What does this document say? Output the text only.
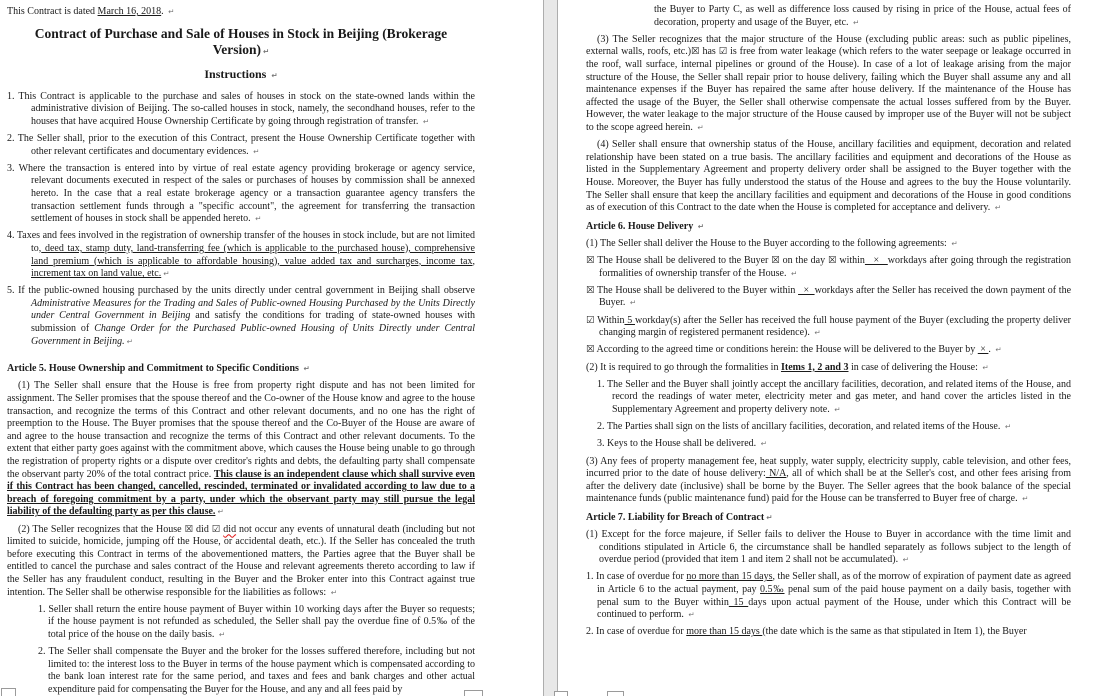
This Contract is dated March 16, 2018. ↵
Contract of Purchase and Sale of Houses in Stock in Beijing (Brokerage Version) ↵
Instructions ↵
1. This Contract is applicable to the purchase and sales of houses in stock on the state-owned lands within the administrative division of Beijing. The so-called houses in stock, namely, the secondhand houses, refer to the houses that have acquired House Ownership Certificate by going through registration of transfer. ↵
2. The Seller shall, prior to the execution of this Contract, present the House Ownership Certificate together with other relevant certificates and documentary evidences. ↵
3. Where the transaction is entered into by virtue of real estate agency providing brokerage or agency service, relevant documents executed in respect of the sales or purchases of houses by commission shall be annexed hereto. In the case that a real estate brokerage agency or a transaction guarantee agency transfers the transaction settlement funds through a "specific account", the agreement for transferring the transaction settlement of houses in stock shall be appended hereto. ↵
4. Taxes and fees involved in the registration of ownership transfer of the houses in stock include, but are not limited to, deed tax, stamp duty, land-transferring fee (which is applicable to the purchased house), comprehensive land premium (which is applicable to affordable housing), value added tax and surcharges, income tax, increment tax on land value, etc. ↵
5. If the public-owned housing purchased by the units directly under central government in Beijing shall observe Administrative Measures for the Trading and Sales of Public-owned Housing Purchased by the Units Directly under Central Government in Beijing and satisfy the conditions for trading of state-owned houses with submission of Change Order for the Purchased Public-owned Housing of Units Directly under Central Government in Beijing. ↵
Article 5. House Ownership and Commitment to Specific Conditions ↵
(1) The Seller shall ensure that the House is free from property right dispute and has not been limited for assignment. The Seller promises that the spouse thereof and the Co-owner of the House know and agree to the house transaction, and recognize the terms of this Contract and other relevant documents, and no one has the right of preemption to the House. The Buyer promises that the spouse thereof and the Co-Buyer of the House are aware of and agree to the house transaction and recognize the terms of this Contract and other relevant documents. To the extent that either party goes against with the commitment above, which causes the House being unable to go through the registration of property rights or a dispute over creditor's rights and debts, the defaulting party shall compensate the observant party 20% of the total contract price. This clause is an independent clause which shall survive even if this Contract has been changed, cancelled, rescinded, terminated or invalidated according to law due to a breach of foregoing commitment by a party, under which the observant party may still pursue the legal liability of the defaulting party as per this clause. ↵
(2) The Seller recognizes that the House ☒ did ☑ did not occur any events of unnatural death (including but not limited to suicide, homicide, jumping off the House, or accidental death, etc.). If the Seller has concealed the truth before executing this Contract in terms of the abovementioned matters, the Parties agree that the Buyer shall be entitled to cancel the purchase and sales contract of the House and relevant agreements thereto according to law if the Seller has any fraudulent conduct, resulting in the Buyer and the Broker enter into this Contract against true intention. The Seller shall be otherwise responsible for the liabilities as follows: ↵
1. Seller shall return the entire house payment of Buyer within 10 working days after the Buyer so requests; if the house payment is not refunded as scheduled, the Seller shall pay the overdue fine of 0.5‰ of the total price of the house on the daily basis. ↵
2. The Seller shall compensate the Buyer and the broker for the losses suffered therefore, including but not limited to: the interest loss to the Buyer in terms of the house payment which is compensated according to the bank loan interest rate for the same period, and taxes and fees and bank charges and other actual expenditure paid for compensating the Buyer for the House, and any and all fees paid by
the Buyer to Party C, as well as difference loss caused by rising in price of the House, actual fees of decoration, property and usage of the Buyer, etc. ↵
(3) The Seller recognizes that the major structure of the House (excluding public areas: such as public pipelines, external walls, roofs, etc.)☒ has ☑ is free from water leakage (which refers to the water seepage or leakage occurred in the roof, wall surface, internal pipelines or ground of the House). In case of a lot of leakage arising from the major structure of the House, the Seller shall repair prior to house delivery, failing which the Buyer shall assume any and all maintenance expenses if the Buyer has repaired the same after house delivery. If the maintenance of the House has affected the usage of the Buyer, the Seller shall otherwise compensate the actual losses suffered from by the Buyer. However, the water leakage to the major structure of the House caused by improper use of the Buyer will not be subject to the scope agreed herein. ↵
(4) Seller shall ensure that ownership status of the House, ancillary facilities and equipment, decoration and related relationship have been stated on a true basis. The ancillary facilities and equipment and decorations of the House as listed in the Supplementary Agreement and property delivery order shall be assigned to the Buyer together with the House. Moreover, the Buyer has fully understood the status of the House and agrees to the buy the House voluntarily. The Seller shall ensure that keep the ancillary facilities and equipment and decorations of the House in good conditions as of execution of this Contract to the date when the House is completed for acceptance and delivery. ↵
Article 6. House Delivery ↵
(1) The Seller shall deliver the House to the Buyer according to the following agreements: ↵
☒ The House shall be delivered to the Buyer ☒ on the day ☒ within   ×   workdays after going through the registration formalities of ownership transfer of the House. ↵
☒ The House shall be delivered to the Buyer within   ×  workdays after the Seller has received the down payment of the Buyer. ↵
☑ Within 5 workday(s) after the Seller has received the full house payment of the Buyer (excluding the property deliver changing margin of registered permanent residence). ↵
☒ According to the agreed time or conditions herein: the House will be delivered to the Buyer by  × . ↵
(2) It is required to go through the formalities in Items 1, 2 and 3 in case of delivering the House: ↵
1. The Seller and the Buyer shall jointly accept the ancillary facilities, decoration, and related items of the House, and record the readings of water meter, electricity meter and gas meter, and hand cover the articles listed in the Supplementary Agreement and property delivery note. ↵
2. The Parties shall sign on the lists of ancillary facilities, decoration, and related items of the House. ↵
3. Keys to the House shall be delivered. ↵
(3) Any fees of property management fee, heat supply, water supply, electricity supply, cable television, and other fees, incurred prior to the date of house delivery: N/A, all of which shall be at the Seller's cost, and other fees arising from after the delivery date (inclusive) shall be borne by the Buyer. The Seller agrees that the book balance of the special maintenance funds (public maintenance fund) paid for the House can be transferred to Buyer free of charge. ↵
Article 7. Liability for Breach of Contract ↵
(1) Except for the force majeure, if Seller fails to deliver the House to Buyer in accordance with the time limit and conditions stipulated in Article 6, the circumstance shall be handled separately as follows subject to the length of overdue period (provided that item 1 and item 2 shall not be accumulated). ↵
1. In case of overdue for no more than 15 days, the Seller shall, as of the morrow of expiration of payment date as agreed in Article 6 to the actual payment, pay 0.5‰ penal sum of the paid house payment on a daily basis, together with penal sum to the Buyer within 15 days upon actual payment of the House, under which this Contract will be continued to perform. ↵
2. In case of overdue for more than 15 days (the date which is the same as that stipulated in Item 1), the Buyer
